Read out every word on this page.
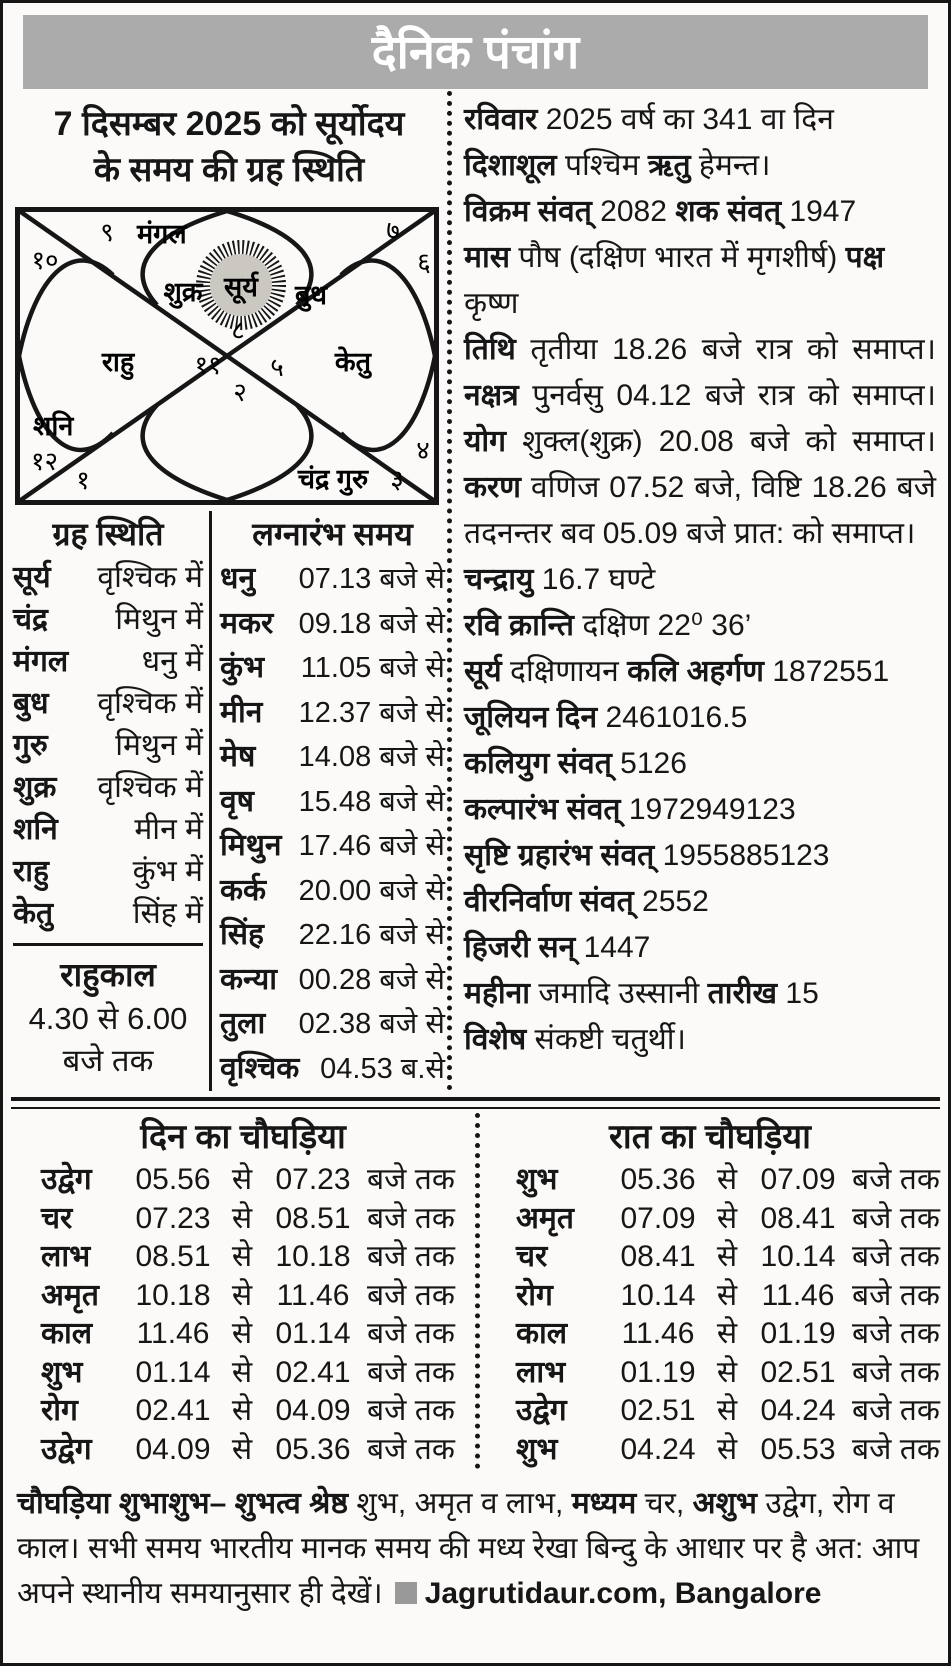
दैनिक पंचांग
7 दिसम्बर 2025 को सूर्योदय
के समय की ग्रह स्थिति
सूर्य
९ मंगल
१०
७
६
शुक्र	बुध
८
राहु ११ ५ केतु
२
शनि
१२
१
४
चंद्र गुरु ३
ग्रह स्थिति
सूर्य वृश्चिक में
चंद्र मिथुन में
मंगल धनु में
बुध वृश्चिक में
गुरु मिथुन में
शुक्र वृश्चिक में
शनि	मीन में
राहु	कुंभ में
केतु	सिंह में
राहुकाल
4.30 से 6.00
बजे तक
लग्नारंभ समय
धनु 07.13 बजे से
मकर 09.18 बजे से
कुंभ 11.05 बजे से
मीन 12.37 बजे से
मेष 14.08 बजे से
वृष 15.48 बजे से
मिथुन 17.46 बजे से
कर्क 20.00 बजे से
सिंह 22.16 बजे से
कन्या 00.28 बजे से
तुला 02.38 बजे से
वृश्चिक 04.53 ब.से

रविवार 2025 वर्ष का 341 वा दिन

दिशाशूल पश्चिम ऋतु हेमन्त।

विक्रम संवत् 2082 शक संवत् 1947

मास पौष (दक्षिण भारत में मृगशीर्ष) पक्ष कृष्ण

तिथि तृतीया 18.26 बजे रात्र को समाप्त। नक्षत्र पुनर्वसु 04.12 बजे रात्र को समाप्त। योग शुक्ल(शुक्र) 20.08 बजे को समाप्त। करण वणिज 07.52 बजे, विष्टि 18.26 बजे तदनन्तर बव 05.09 बजे प्रात: को समाप्त।

चन्द्रायु 16.7 घण्टे

रवि क्रान्ति दक्षिण 22⁰ 36’

सूर्य दक्षिणायन कलि अहर्गण 1872551

जूलियन दिन 2461016.5

कलियुग संवत् 5126

कल्पारंभ संवत् 1972949123

सृष्टि ग्रहारंभ संवत् 1955885123

वीरनिर्वाण संवत् 2552

हिजरी सन् 1447

महीना जमादि उस्सानी तारीख 15

विशेष संकष्टी चतुर्थी।

दिन का चौघड़िया
उद्वेग	05.56 से 07.23 बजे तक
चर	07.23 से 08.51 बजे तक
लाभ	08.51 से 10.18 बजे तक
अमृत	10.18 से 11.46 बजे तक
काल	11.46 से 01.14 बजे तक
शुभ	01.14 से 02.41 बजे तक
रोग	02.41 से 04.09 बजे तक
उद्वेग	04.09 से 05.36 बजे तक
रात का चौघड़िया
शुभ	05.36 से 07.09 बजे तक
अमृत	07.09 से 08.41 बजे तक
चर	08.41 से 10.14 बजे तक
रोग	10.14 से 11.46 बजे तक
काल	11.46 से 01.19 बजे तक
लाभ	01.19 से 02.51 बजे तक
उद्वेग	02.51 से 04.24 बजे तक
शुभ	04.24 से 05.53 बजे तक

चौघड़िया शुभाशुभ– शुभत्व श्रेष्ठ शुभ, अमृत व लाभ, मध्यम चर, अशुभ उद्वेग, रोग व काल। सभी समय भारतीय मानक समय की मध्य रेखा बिन्दु के आधार पर है अत: आप अपने स्थानीय समयानुसार ही देखें। Jagrutidaur.com, Bangalore
